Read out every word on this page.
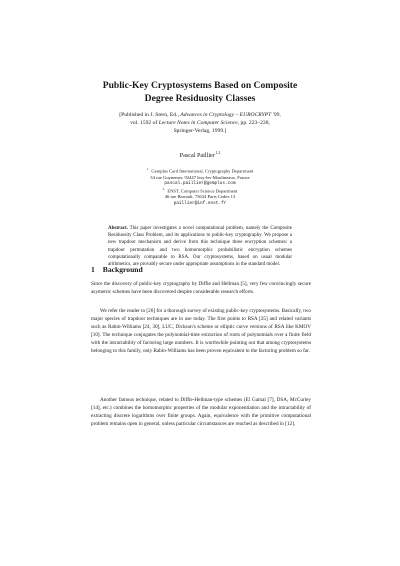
Public-Key Cryptosystems Based on Composite
Degree Residuosity Classes
[Published in J. Stern, Ed., Advances in Cryptology – EUROCRYPT '99,
vol. 1592 of Lecture Notes in Computer Science, pp. 223–238,
Springer-Verlag, 1999.]
Pascal Paillier$^{1,2}$
$^1$ Gemplus Card International, Cryptography Department
34 rue Guynemer, 92447 Issy-les-Moulineaux, France
pascal.paillier@gemplus.com
$^2$ ENST, Computer Science Department
46 rue Barrault, 75634 Paris Cedex 13
paillier@inf.enst.fr
Abstract. This paper investigates a novel computational problem, namely the Composite Residuosity Class Problem, and its applications to public-key cryptography. We propose a new trapdoor mechanism and derive from this technique three encryption schemes: a trapdoor permutation and two homomorphic probabilistic encryption schemes computationally comparable to RSA. Our cryptosystems, based on usual modular arithmetics, are provably secure under appropriate assumptions in the standard model.
1 Background
Since the discovery of public-key cryptography by Diffie and Hellman [5], very few convincingly secure asymetric schemes have been discovered despite considerable research efforts.
We refer the reader to [26] for a thorough survey of existing public-key cryptosystems. Basically, two major species of trapdoor techniques are in use today. The first points to RSA [25] and related variants such as Rabin-Williams [24, 30], LUC, Dickson's scheme or elliptic curve versions of RSA like KMOV [10]. The technique conjugates the polynomial-time extraction of roots of polynomials over a finite field with the intractability of factoring large numbers. It is worthwhile pointing out that among cryptosystems belonging to this family, only Rabin-Williams has been proven equivalent to the factoring problem so far.
Another famous technique, related to Diffie-Hellman-type schemes (El Gamal [7], DSA, McCurley [14], etc.) combines the homomorphic properties of the modular exponentiation and the intractability of extracting discrete logarithms over finite groups. Again, equivalence with the primitive computational problem remains open in general, unless particular circumstances are reached as described in [12].
